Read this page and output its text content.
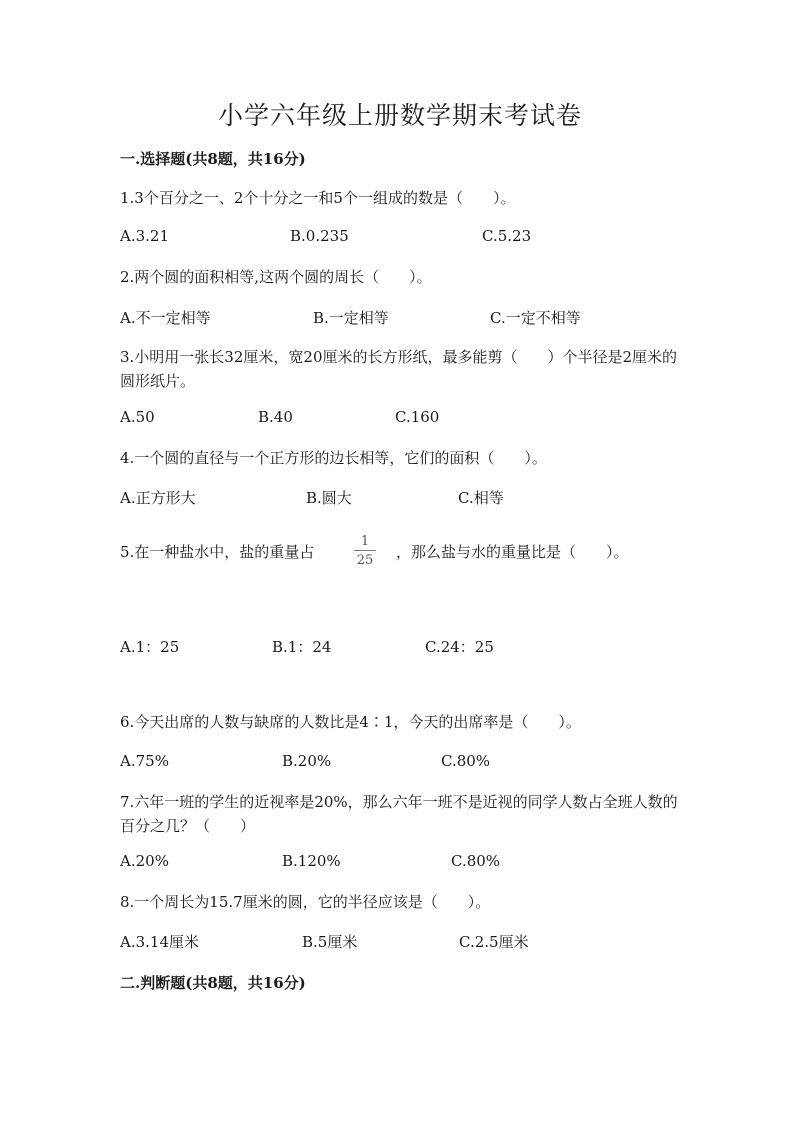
小学六年级上册数学期末考试卷
一.选择题(共8题，共16分)
1.3个百分之一、2个十分之一和5个一组成的数是（　　）。
A.3.21	B.0.235	C.5.23
2.两个圆的面积相等,这两个圆的周长（　　）。
A.不一定相等	B.一定相等	C.一定不相等
3.小明用一张长32厘米，宽20厘米的长方形纸，最多能剪（　　）个半径是2厘米的圆形纸片。
A.50	B.40	C.160
4.一个圆的直径与一个正方形的边长相等，它们的面积（　　）。
A.正方形大	B.圆大	C.相等
5.在一种盐水中，盐的重量占
1
25 ，那么盐与水的重量比是（　　）。
A.1：25	B.1：24	C.24：25
6.今天出席的人数与缺席的人数比是4∶1，今天的出席率是（　　）。
A.75%	B.20%	C.80%
7.六年一班的学生的近视率是20%，那么六年一班不是近视的同学人数占全班人数的百分之几？（　　）
A.20%	B.120%	C.80%
8.一个周长为15.7厘米的圆，它的半径应该是（　　）。
A.3.14厘米	B.5厘米	C.2.5厘米
二.判断题(共8题，共16分)
